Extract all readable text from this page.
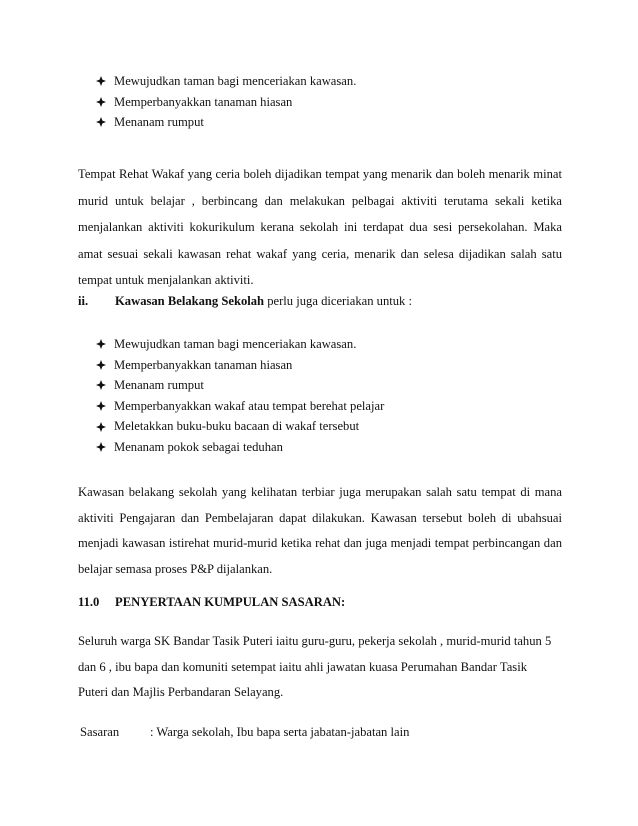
Mewujudkan taman bagi menceriakan kawasan.
Memperbanyakkan tanaman hiasan
Menanam rumput

Tempat Rehat Wakaf yang ceria boleh dijadikan tempat yang menarik dan boleh menarik minat murid untuk belajar , berbincang dan melakukan pelbagai aktiviti terutama sekali ketika menjalankan aktiviti kokurikulum kerana sekolah ini terdapat dua sesi persekolahan. Maka amat sesuai sekali kawasan rehat wakaf yang ceria, menarik dan selesa dijadikan salah satu tempat untuk menjalankan aktiviti.

ii. Kawasan Belakang Sekolah perlu juga diceriakan untuk :
Mewujudkan taman bagi menceriakan kawasan.
Memperbanyakkan tanaman hiasan
Menanam rumput
Memperbanyakkan wakaf atau tempat berehat pelajar
Meletakkan buku-buku bacaan di wakaf tersebut
Menanam pokok sebagai teduhan

Kawasan belakang sekolah yang kelihatan terbiar juga merupakan salah satu tempat di mana aktiviti Pengajaran dan Pembelajaran dapat dilakukan. Kawasan tersebut boleh di ubahsuai menjadi kawasan istirehat murid-murid ketika rehat dan juga menjadi tempat perbincangan dan belajar semasa proses P&P dijalankan.

11.0 PENYERTAAN KUMPULAN SASARAN:
Seluruh warga SK Bandar Tasik Puteri iaitu guru-guru, pekerja sekolah , murid-murid tahun 5
dan 6 , ibu bapa dan komuniti setempat iaitu ahli jawatan kuasa Perumahan Bandar Tasik
Puteri dan Majlis Perbandaran Selayang.
Sasaran : Warga sekolah, Ibu bapa serta jabatan-jabatan lain
